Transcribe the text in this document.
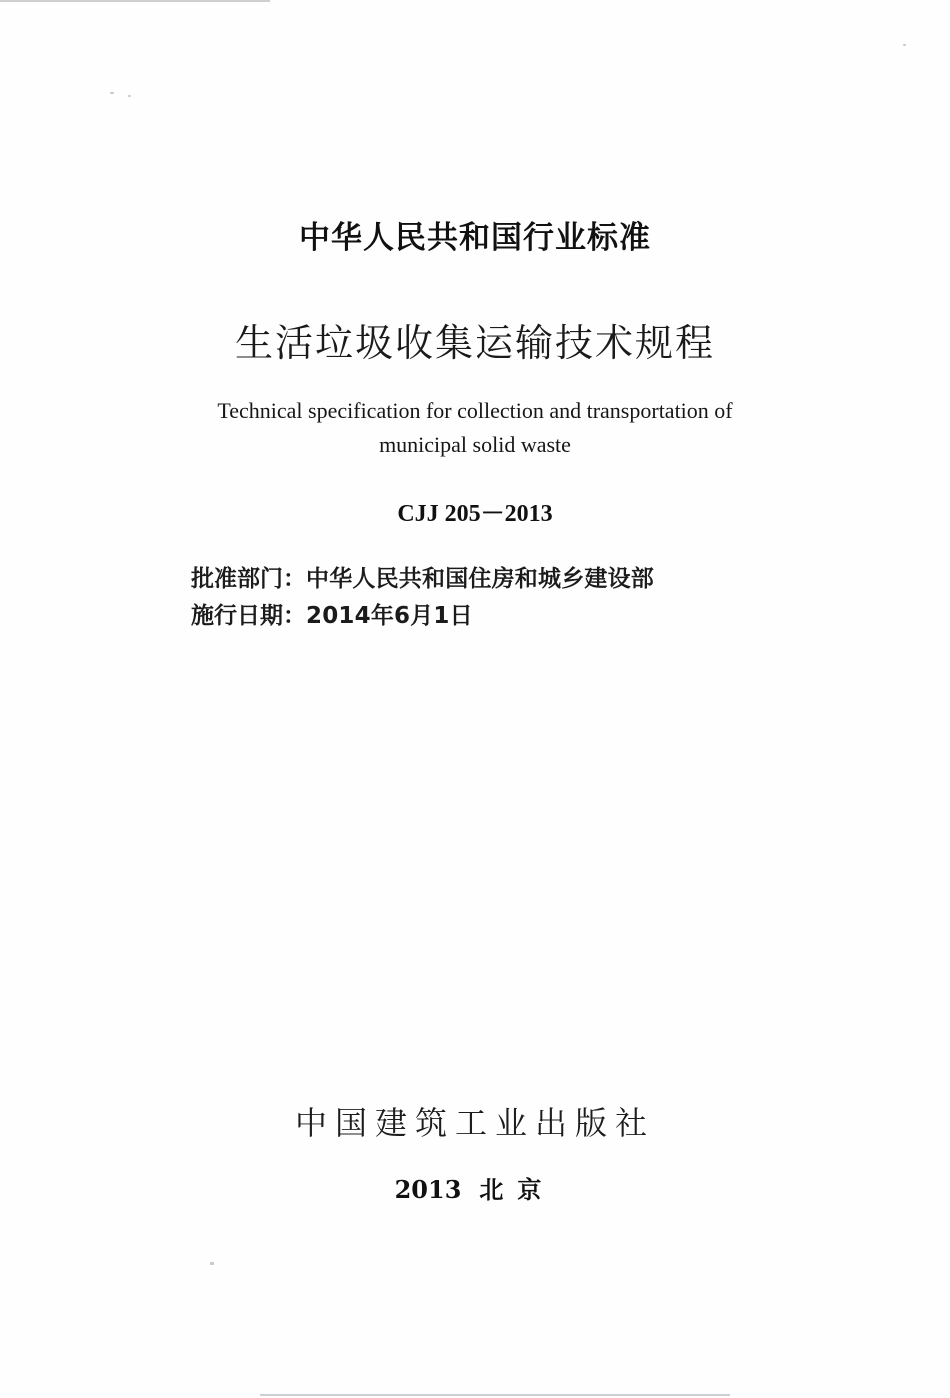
中华人民共和国行业标准
生活垃圾收集运输技术规程
Technical specification for collection and transportation of
municipal solid waste
CJJ 205－2013
批准部门：中华人民共和国住房和城乡建设部
施行日期：2014年6月1日
中国建筑工业出版社
2013 北京
